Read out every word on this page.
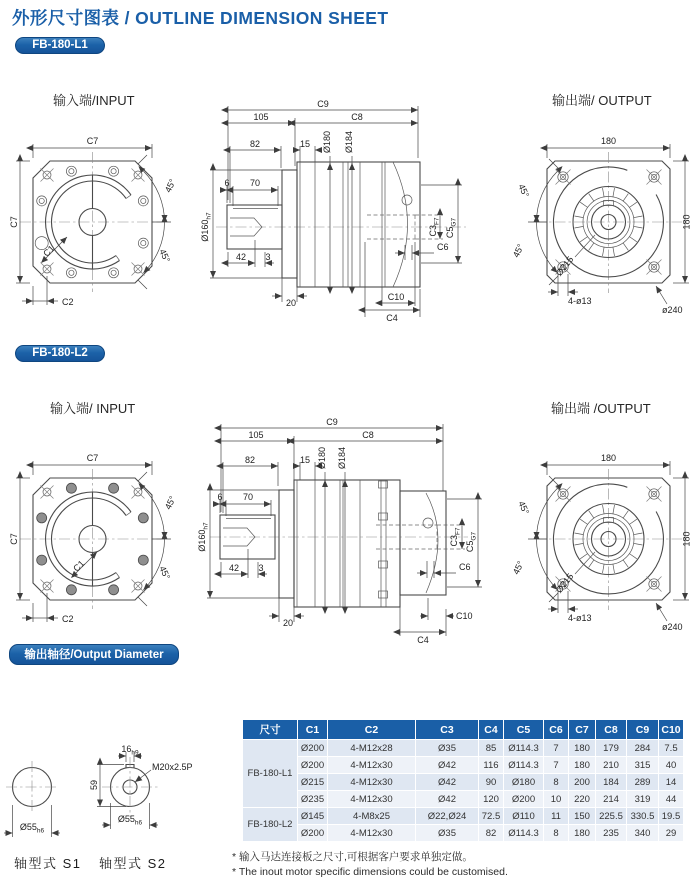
外形尺寸图表 / OUTLINE DIMENSION SHEET
FB-180-L1
输入端/INPUT	输出端/ OUTPUT
C7
C7
C2
C1
45°
45°
C9
105	C8
82	15 Ø180 Ø184
$Ø160_{h7}$
6 70
42 3
20
C10
C4
$C3_{F7}$
$C5_{G7}$
C6
180
180
Ø215
4-ø13
ø240
45°
45°
FB-180-L2
输入端/ INPUT	输出端 /OUTPUT
C7
C7
C2
C1
45°
45°
C9
105	C8
82	15 Ø180 Ø184
$Ø160_{h7}$
6 70
42 3
20
C10
C4
$C3_{F7}$
$C5_{G7}$
C6
180
180
Ø215
4-ø13
ø240
45°
45°
输出轴径/Output Diameter
$Ø55_{h6}$
$16_{h9}$
59
M20x2.5P
$Ø55_{h6}$
轴型式 S1 轴型式 S2
尺寸	C1	C2	C3	C4	C5	C6	C7	C8	C9	C10
FB-180-L1	Ø200	4-M12x28	Ø35	85	Ø114.3	7	180	179	284	7.5
	Ø200	4-M12x30	Ø42	116	Ø114.3	7	180	210	315	40
	Ø215	4-M12x30	Ø42	90	Ø180	8	200	184	289	14
	Ø235	4-M12x30	Ø42	120	Ø200	10	220	214	319	44
FB-180-L2	Ø145	4-M8x25	Ø22,Ø24	72.5	Ø110	11	150	225.5	330.5	19.5
	Ø200	4-M12x30	Ø35	82	Ø114.3	8	180	235	340	29
* 输入马达连接板之尺寸,可根据客户要求单独定做。
* The inout motor specific dimensions could be customised.
